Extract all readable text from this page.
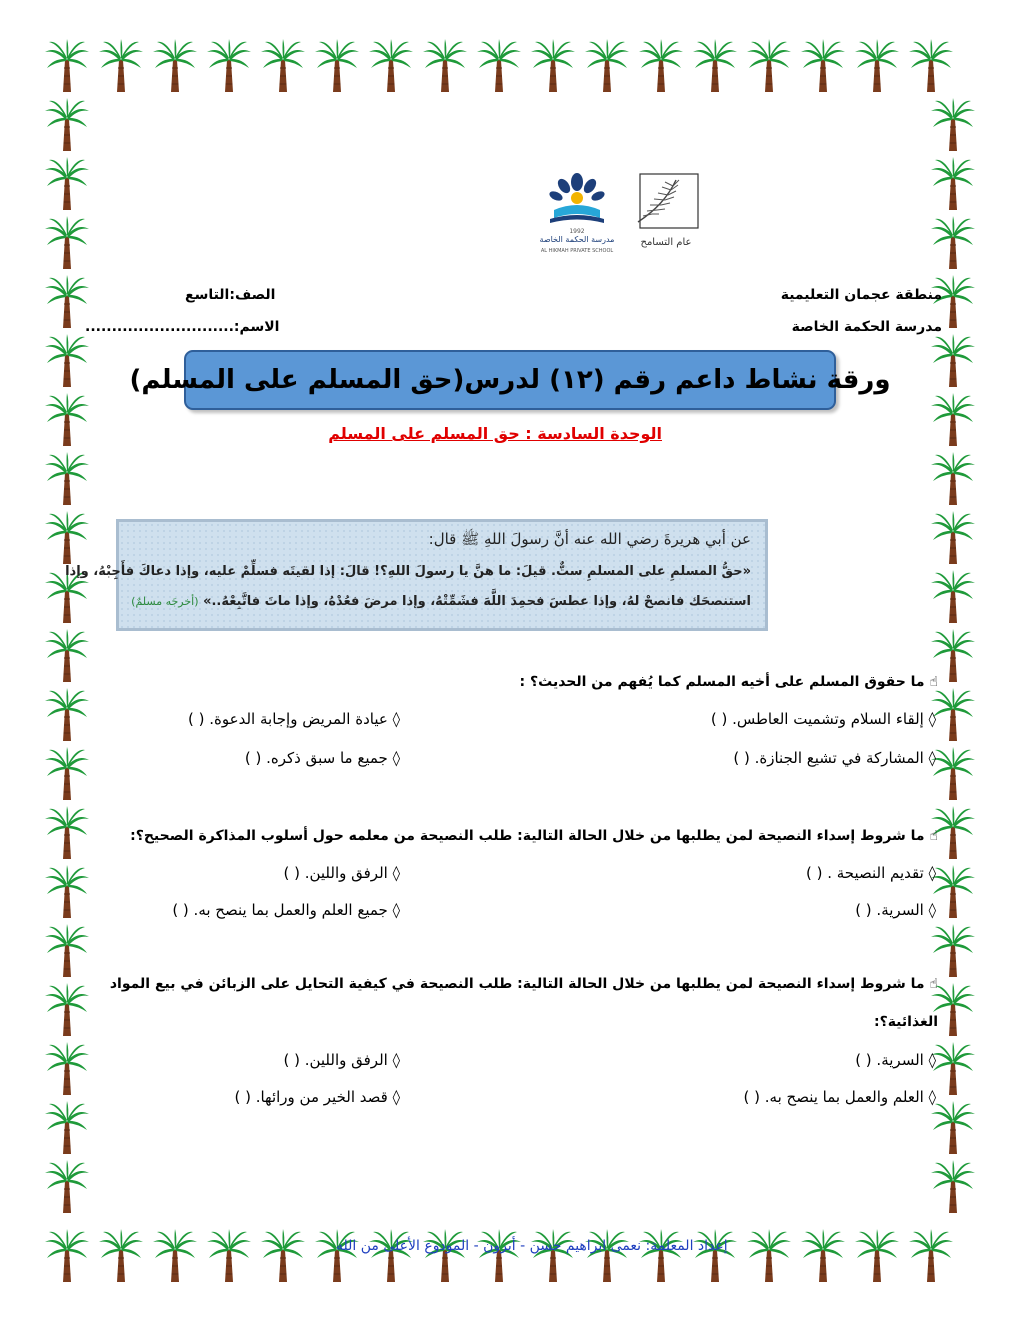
منطقة عجمان التعليمية
مدرسة الحكمة الخاصة
الصف:التاسع
الاسم:............................
عام التسامح
1992
مدرسة الحكمة الخاصة
AL HIKMAH PRIVATE SCHOOL
ورقة نشاط داعم رقم (١٢) لدرس(حق المسلم على المسلم)
الوحدة السادسة : حق المسلم على المسلم
عن أبي هريرةَ رضي الله عنه أنَّ رسولَ اللهِ ﷺ قال:
«حقُّ المسلمِ على المسلمِ ستٌّ. قيلَ: ما هنَّ يا رسولَ اللهِ؟! قالَ: إذا لقيتَه فسلِّمْ عليه، وإذا دعاكَ فأَجِبْهُ، وإذا
استنصحَك فانصحْ لهُ، وإذا عطسَ فحمِدَ اللَّهَ فشَمِّتْهُ، وإذا مرضَ فعُدْهُ، وإذا ماتَ فاتَّبِعْهُ..» (أخرجَه مسلمٌ)
☝ ما حقوق المسلم على أخيه المسلم كما يُفهم من الحديث؟ :
◊ إلقاء السلام وتشميت العاطس. ( )
◊ عيادة المريض وإجابة الدعوة. ( )
◊ المشاركة في تشيع الجنازة. ( )
◊ جميع ما سبق ذكره. ( )
☝ ما شروط إسداء النصيحة لمن يطلبها من خلال الحالة التالية: طلب النصيحة من معلمه حول أسلوب المذاكرة الصحيح؟:
◊ تقديم النصيحة . ( )
◊ الرفق واللين. ( )
◊ السرية. ( )
◊ جميع العلم والعمل بما ينصح به. ( )
☝ ما شروط إسداء النصيحة لمن يطلبها من خلال الحالة التالية: طلب النصيحة في كيفية التحايل على الزبائن في بيع المواد
الغذائية؟:
◊ السرية. ( )
◊ الرفق واللين. ( )
◊ العلم والعمل بما ينصح به. ( )
◊ قصد الخير من ورائها. ( )
إعداد المعلمة: نعمى ابراهيم حسن - أبرون - المودوع الأعلى من الله
